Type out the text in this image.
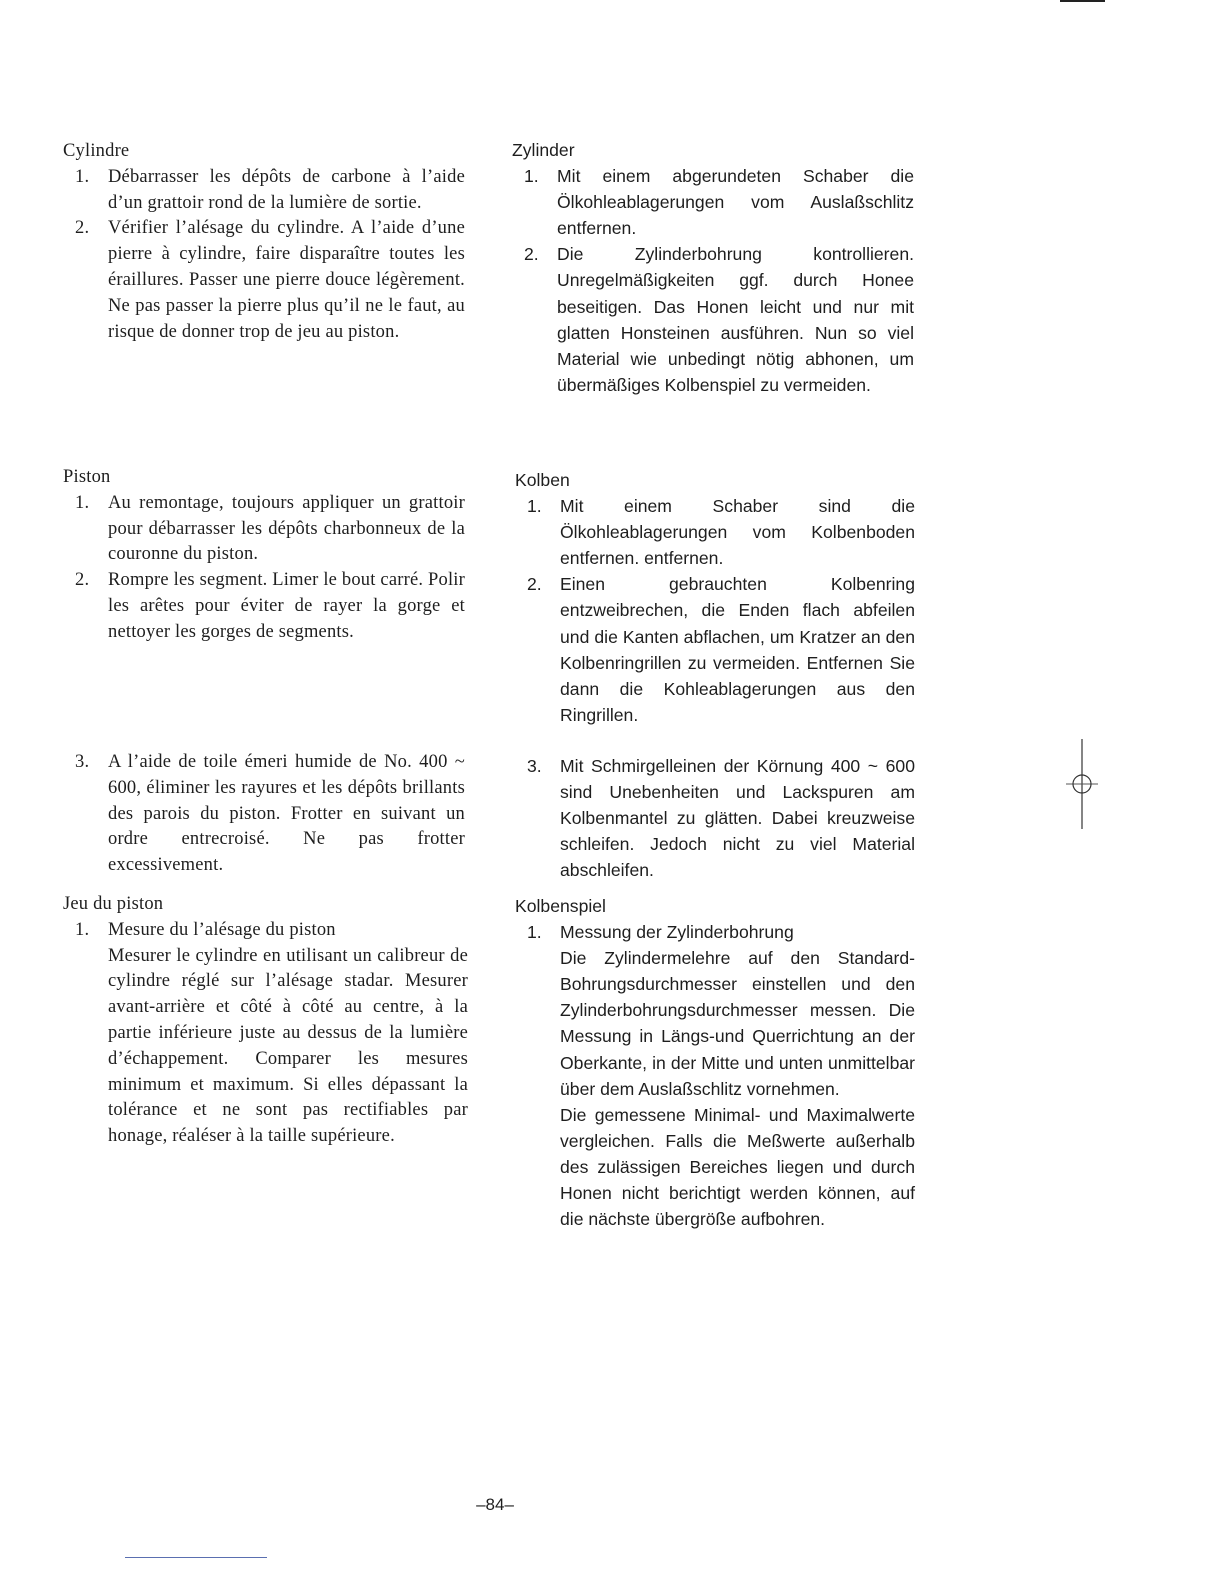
Cylindre
1. Débarrasser les dépôts de carbone à l’aide d’un grattoir rond de la lumière de sortie.
2. Vérifier l’alésage du cylindre. A l’aide d’une pierre à cylindre, faire disparaître toutes les éraillures. Passer une pierre douce légèrement. Ne pas passer la pierre plus qu’il ne le faut, au risque de donner trop de jeu au piston.
Piston
1. Au remontage, toujours appliquer un grattoir pour débarrasser les dépôts charbonneux de la couronne du piston.
2. Rompre les segment. Limer le bout carré. Polir les arêtes pour éviter de rayer la gorge et nettoyer les gorges de segments.
3. A l’aide de toile émeri humide de No. 400 ~ 600, éliminer les rayures et les dépôts brillants des parois du piston. Frotter en suivant un ordre entrecroisé. Ne pas frotter excessivement.
Jeu du piston
1. Mesure du l’alésage du piston
Mesurer le cylindre en utilisant un calibreur de cylindre réglé sur l’alésage stadar. Mesurer avant-arrière et côté à côté au centre, à la partie inférieure juste au dessus de la lumière d’échappement. Comparer les mesures minimum et maximum. Si elles dépassant la tolérance et ne sont pas rectifiables par honage, réaléser à la taille supérieure.
Zylinder
1. Mit einem abgerundeten Schaber die Ölkohleablagerungen vom Auslaßschlitz entfernen.
2. Die Zylinderbohrung kontrollieren. Unregelmäßigkeiten ggf. durch Honee beseitigen. Das Honen leicht und nur mit glatten Honsteinen ausführen. Nun so viel Material wie unbedingt nötig abhonen, um übermäßiges Kolbenspiel zu vermeiden.
Kolben
1. Mit einem Schaber sind die Ölkohleablagerungen vom Kolbenboden entfernen. entfernen.
2. Einen gebrauchten Kolbenring entzweibrechen, die Enden flach abfeilen und die Kanten abflachen, um Kratzer an den Kolbenringrillen zu vermeiden. Entfernen Sie dann die Kohleablagerungen aus den Ringrillen.
3. Mit Schmirgelleinen der Körnung 400 ~ 600 sind Unebenheiten und Lackspuren am Kolbenmantel zu glätten. Dabei kreuzweise schleifen. Jedoch nicht zu viel Material abschleifen.
Kolbenspiel
1. Messung der Zylinderbohrung
Die Zylindermelehre auf den Standard-Bohrungsdurchmesser einstellen und den Zylinderbohrungsdurchmesser messen. Die Messung in Längs-und Querrichtung an der Oberkante, in der Mitte und unten unmittelbar über dem Auslaßschlitz vornehmen.
Die gemessene Minimal- und Maximalwerte vergleichen. Falls die Meßwerte außerhalb des zulässigen Bereiches liegen und durch Honen nicht berichtigt werden können, auf die nächste übergröße aufbohren.
–84–
